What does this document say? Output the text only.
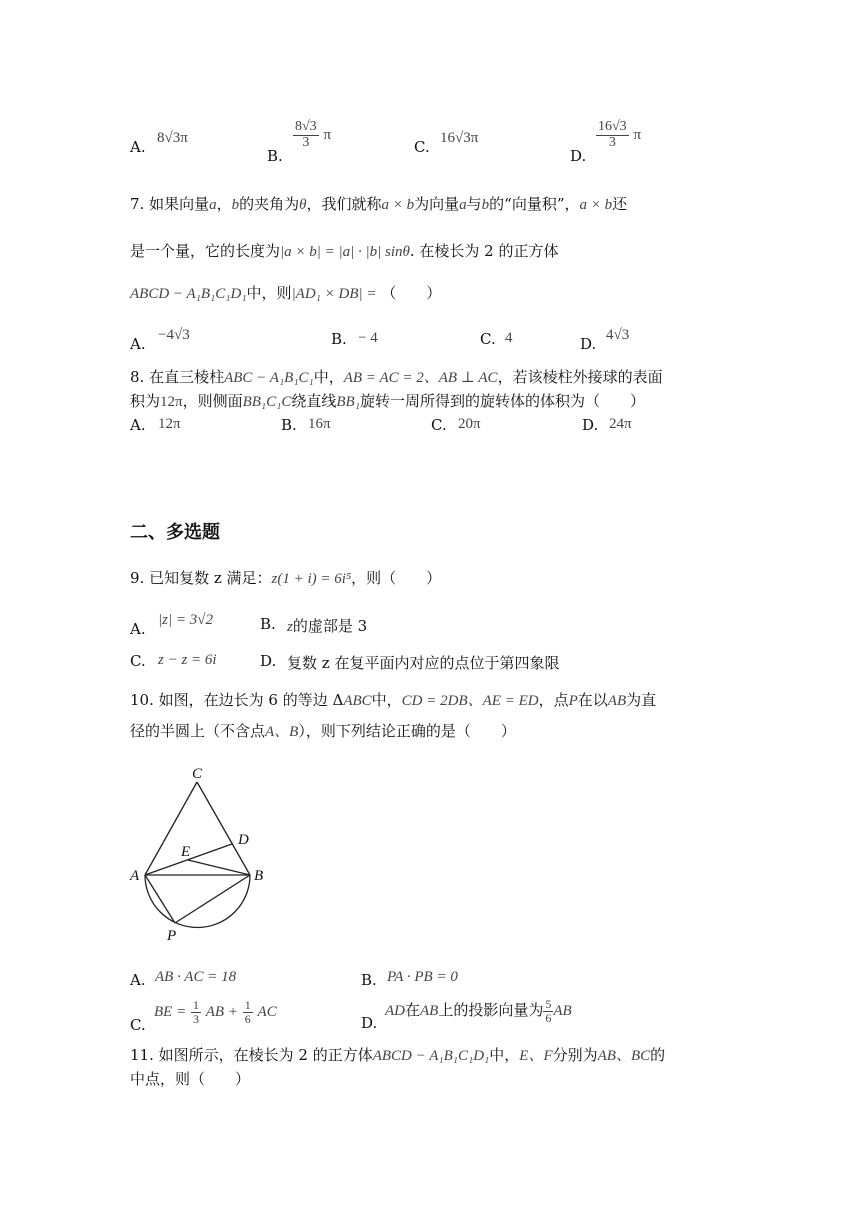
A. 8√3π
B.
$\frac{8√3}{3}$ π
C. 16√3π
D.
$\frac{16√3}{3}$ π
7. 如果向量a，b的夹角为θ，我们就称a × b为向量a与b的“向量积”，a × b还
是一个量，它的长度为|a × b| = |a| · |b| sinθ. 在棱长为 2 的正方体
ABCD − A₁B₁C₁D₁中，则|AD₁ × DB| = （　　）
A. −4√3	B. − 4	C. 4	D. 4√3
8. 在直三棱柱ABC − A₁B₁C₁中，AB = AC = 2、AB ⊥ AC，若该棱柱外接球的表面
积为12π，则侧面BB₁C₁C绕直线BB₁旋转一周所得到的旋转体的体积为（　　）
A. 12π	B. 16π	C. 20π	D. 24π
二、多选题
9. 已知复数 z 满足：z(1 + i) = 6i⁵，则（　　）
A. |z| = 3√2	B. z的虚部是 3
C. z − z = 6i	D. 复数 z 在复平面内对应的点位于第四象限
10. 如图，在边长为 6 的等边 ΔABC中，CD = 2DB、AE = ED，点P在以AB为直
径的半圆上（不含点A、B），则下列结论正确的是（　　）
C
D
E
A	B
P
A. AB · AC = 18	B. PA · PB = 0
C.
BE = $\frac{1}{3}$ AB + $\frac{1}{6}$ AC
D.
AD在AB上的投影向量为 $\frac{5}{6}$ AB
11. 如图所示，在棱长为 2 的正方体ABCD − A₁B₁C₁D₁中，E、F分别为AB、BC的
中点，则（　　）
